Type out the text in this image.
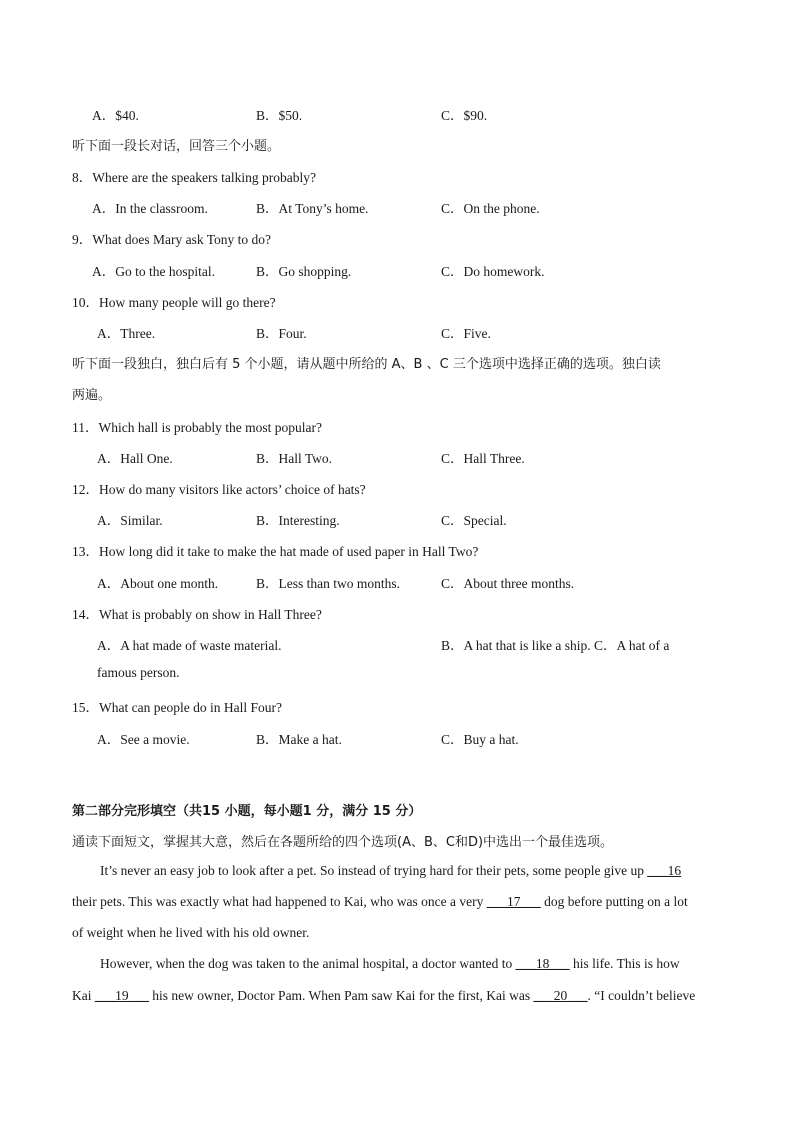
A．$40.	B．$50.	C．$90.
听下面一段长对话，回答三个小题。
8．Where are the speakers talking probably?
A．In the classroom.	B．At Tony’s home.	C．On the phone.
9．What does Mary ask Tony to do?
A．Go to the hospital.	B．Go shopping.	C．Do homework.
10．How many people will go there?
A．Three.	B．Four.	C．Five.
听下面一段独白，独白后有 5 个小题，请从题中所给的 A、B 、C 三个选项中选择正确的选项。独白读
两遍。
11．Which hall is probably the most popular?
A．Hall One.	B．Hall Two.	C．Hall Three.
12．How do many visitors like actors’ choice of hats?
A．Similar.	B．Interesting.	C．Special.
13．How long did it take to make the hat made of used paper in Hall Two?
A．About one month.	B．Less than two months.	C．About three months.
14．What is probably on show in Hall Three?
A．A hat made of waste material.	B．A hat that is like a ship. C．A hat of a
famous person.
15．What can people do in Hall Four?
A．See a movie.	B．Make a hat.	C．Buy a hat.
第二部分完形填空（共15 小题，每小题1 分，满分 15 分）
通读下面短文，掌握其大意，然后在各题所给的四个选项(A、B、C和D)中选出一个最佳选项。
It’s never an easy job to look after a pet. So instead of trying hard for their pets, some people give up ___16
their pets. This was exactly what had happened to Kai, who was once a very ___17___ dog before putting on a lot
of weight when he lived with his old owner.
However, when the dog was taken to the animal hospital, a doctor wanted to ___18___ his life. This is how
Kai ___19___ his new owner, Doctor Pam. When Pam saw Kai for the first, Kai was ___20___. “I couldn’t believe
